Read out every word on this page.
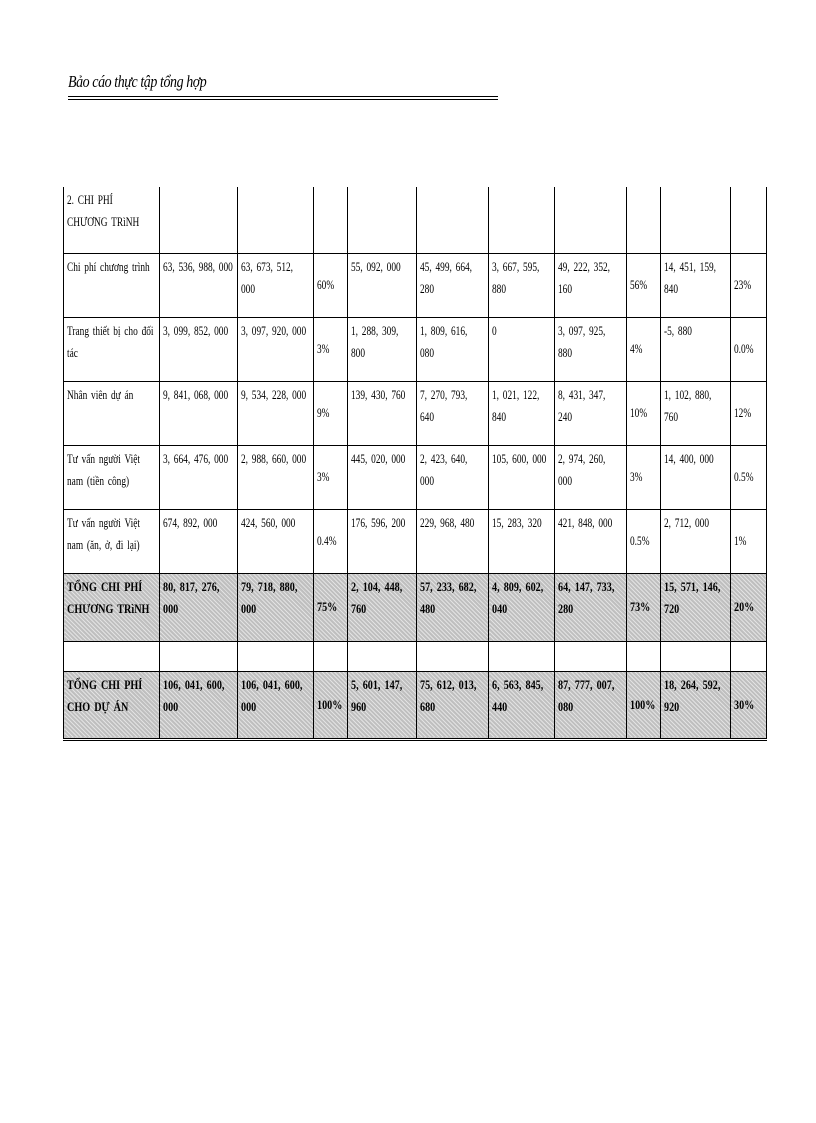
Bảo cáo thực tập tổng hợp
2. CHI PHÍ CHƯƠNG TRìNH										
Chi phí chương trình	63, 536, 988, 000	63, 673, 512, 000	60%	55, 092, 000	45, 499, 664, 280	3, 667, 595, 880	49, 222, 352, 160	56%	14, 451, 159, 840	23%
Trang thiết bị cho đối tác	3, 099, 852, 000	3, 097, 920, 000	3%	1, 288, 309, 800	1, 809, 616, 080	0	3, 097, 925, 880	4%	-5, 880	0.0%
Nhân viên dự án	9, 841, 068, 000	9, 534, 228, 000	9%	139, 430, 760	7, 270, 793, 640	1, 021, 122, 840	8, 431, 347, 240	10%	1, 102, 880, 760	12%
Tư vấn người Việt nam (tiền công)	3, 664, 476, 000	2, 988, 660, 000	3%	445, 020, 000	2, 423, 640, 000	105, 600, 000	2, 974, 260, 000	3%	14, 400, 000	0.5%
Tư vấn người Việt nam (ăn, ở, đi lại)	674, 892, 000	424, 560, 000	0.4%	176, 596, 200	229, 968, 480	15, 283, 320	421, 848, 000	0.5%	2, 712, 000	1%
TỔNG CHI PHÍ CHƯƠNG TRìNH	80, 817, 276, 000	79, 718, 880, 000	75%	2, 104, 448, 760	57, 233, 682, 480	4, 809, 602, 040	64, 147, 733, 280	73%	15, 571, 146, 720	20%

TỔNG CHI PHÍ CHO DỰ ÁN	106, 041, 600, 000	106, 041, 600, 000	100%	5, 601, 147, 960	75, 612, 013, 680	6, 563, 845, 440	87, 777, 007, 080	100%	18, 264, 592, 920	30%
